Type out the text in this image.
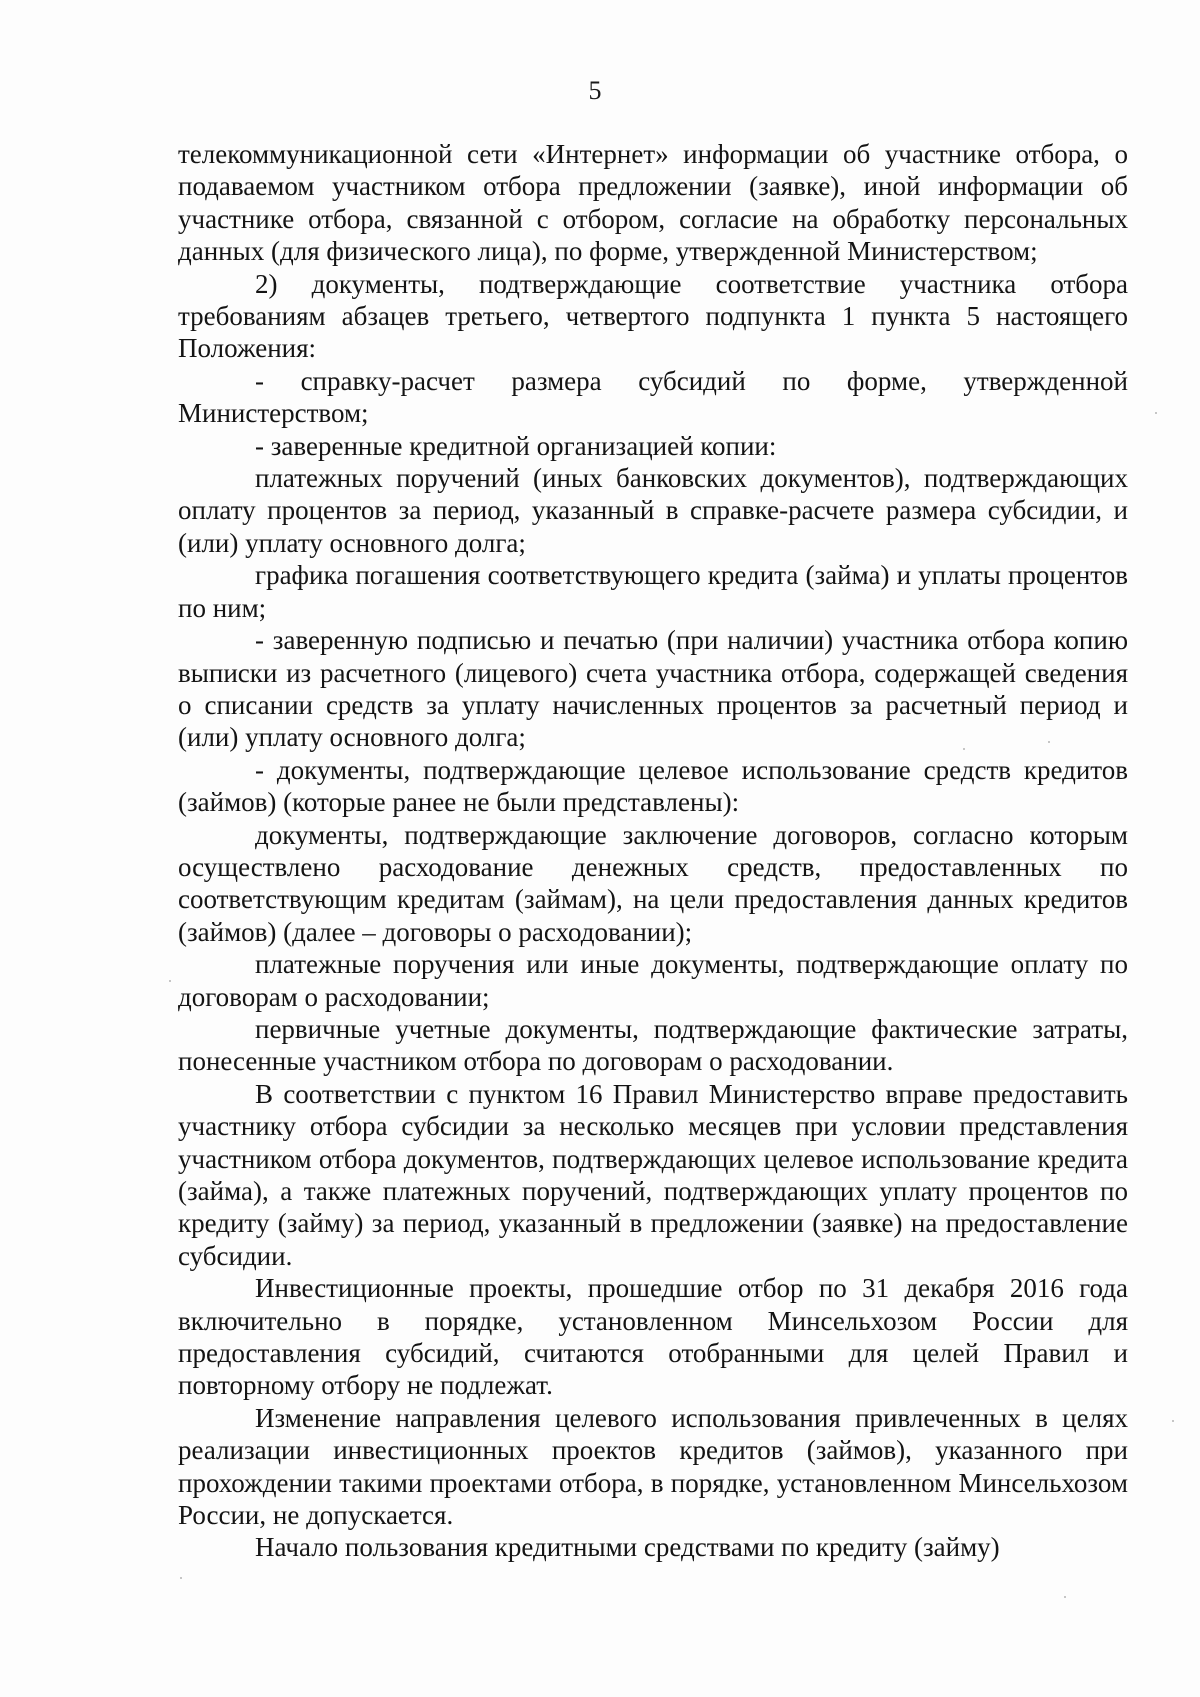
5

телекоммуникационной сети «Интернет» информации об участнике отбора, о подаваемом участником отбора предложении (заявке), иной информации об участнике отбора, связанной с отбором, согласие на обработку персональных данных (для физического лица), по форме, утвержденной Министерством;

2) документы, подтверждающие соответствие участника отбора требованиям абзацев третьего, четвертого подпункта 1 пункта 5 настоящего Положения:

- справку-расчет размера субсидий по форме, утвержденной Министерством;

- заверенные кредитной организацией копии:

платежных поручений (иных банковских документов), подтверждающих оплату процентов за период, указанный в справке-расчете размера субсидии, и (или) уплату основного долга;

графика погашения соответствующего кредита (займа) и уплаты процентов по ним;

- заверенную подписью и печатью (при наличии) участника отбора копию выписки из расчетного (лицевого) счета участника отбора, содержащей сведения о списании средств за уплату начисленных процентов за расчетный период и (или) уплату основного долга;

- документы, подтверждающие целевое использование средств кредитов (займов) (которые ранее не были представлены):

документы, подтверждающие заключение договоров, согласно которым осуществлено расходование денежных средств, предоставленных по соответствующим кредитам (займам), на цели предоставления данных кредитов (займов) (далее – договоры о расходовании);

платежные поручения или иные документы, подтверждающие оплату по договорам о расходовании;

первичные учетные документы, подтверждающие фактические затраты, понесенные участником отбора по договорам о расходовании.

В соответствии с пунктом 16 Правил Министерство вправе предоставить участнику отбора субсидии за несколько месяцев при условии представления участником отбора документов, подтверждающих целевое использование кредита (займа), а также платежных поручений, подтверждающих уплату процентов по кредиту (займу) за период, указанный в предложении (заявке) на предоставление субсидии.

Инвестиционные проекты, прошедшие отбор по 31 декабря 2016 года включительно в порядке, установленном Минсельхозом России для предоставления субсидий, считаются отобранными для целей Правил и повторному отбору не подлежат.

Изменение направления целевого использования привлеченных в целях реализации инвестиционных проектов кредитов (займов), указанного при прохождении такими проектами отбора, в порядке, установленном Минсельхозом России, не допускается.

Начало пользования кредитными средствами по кредиту (займу)
